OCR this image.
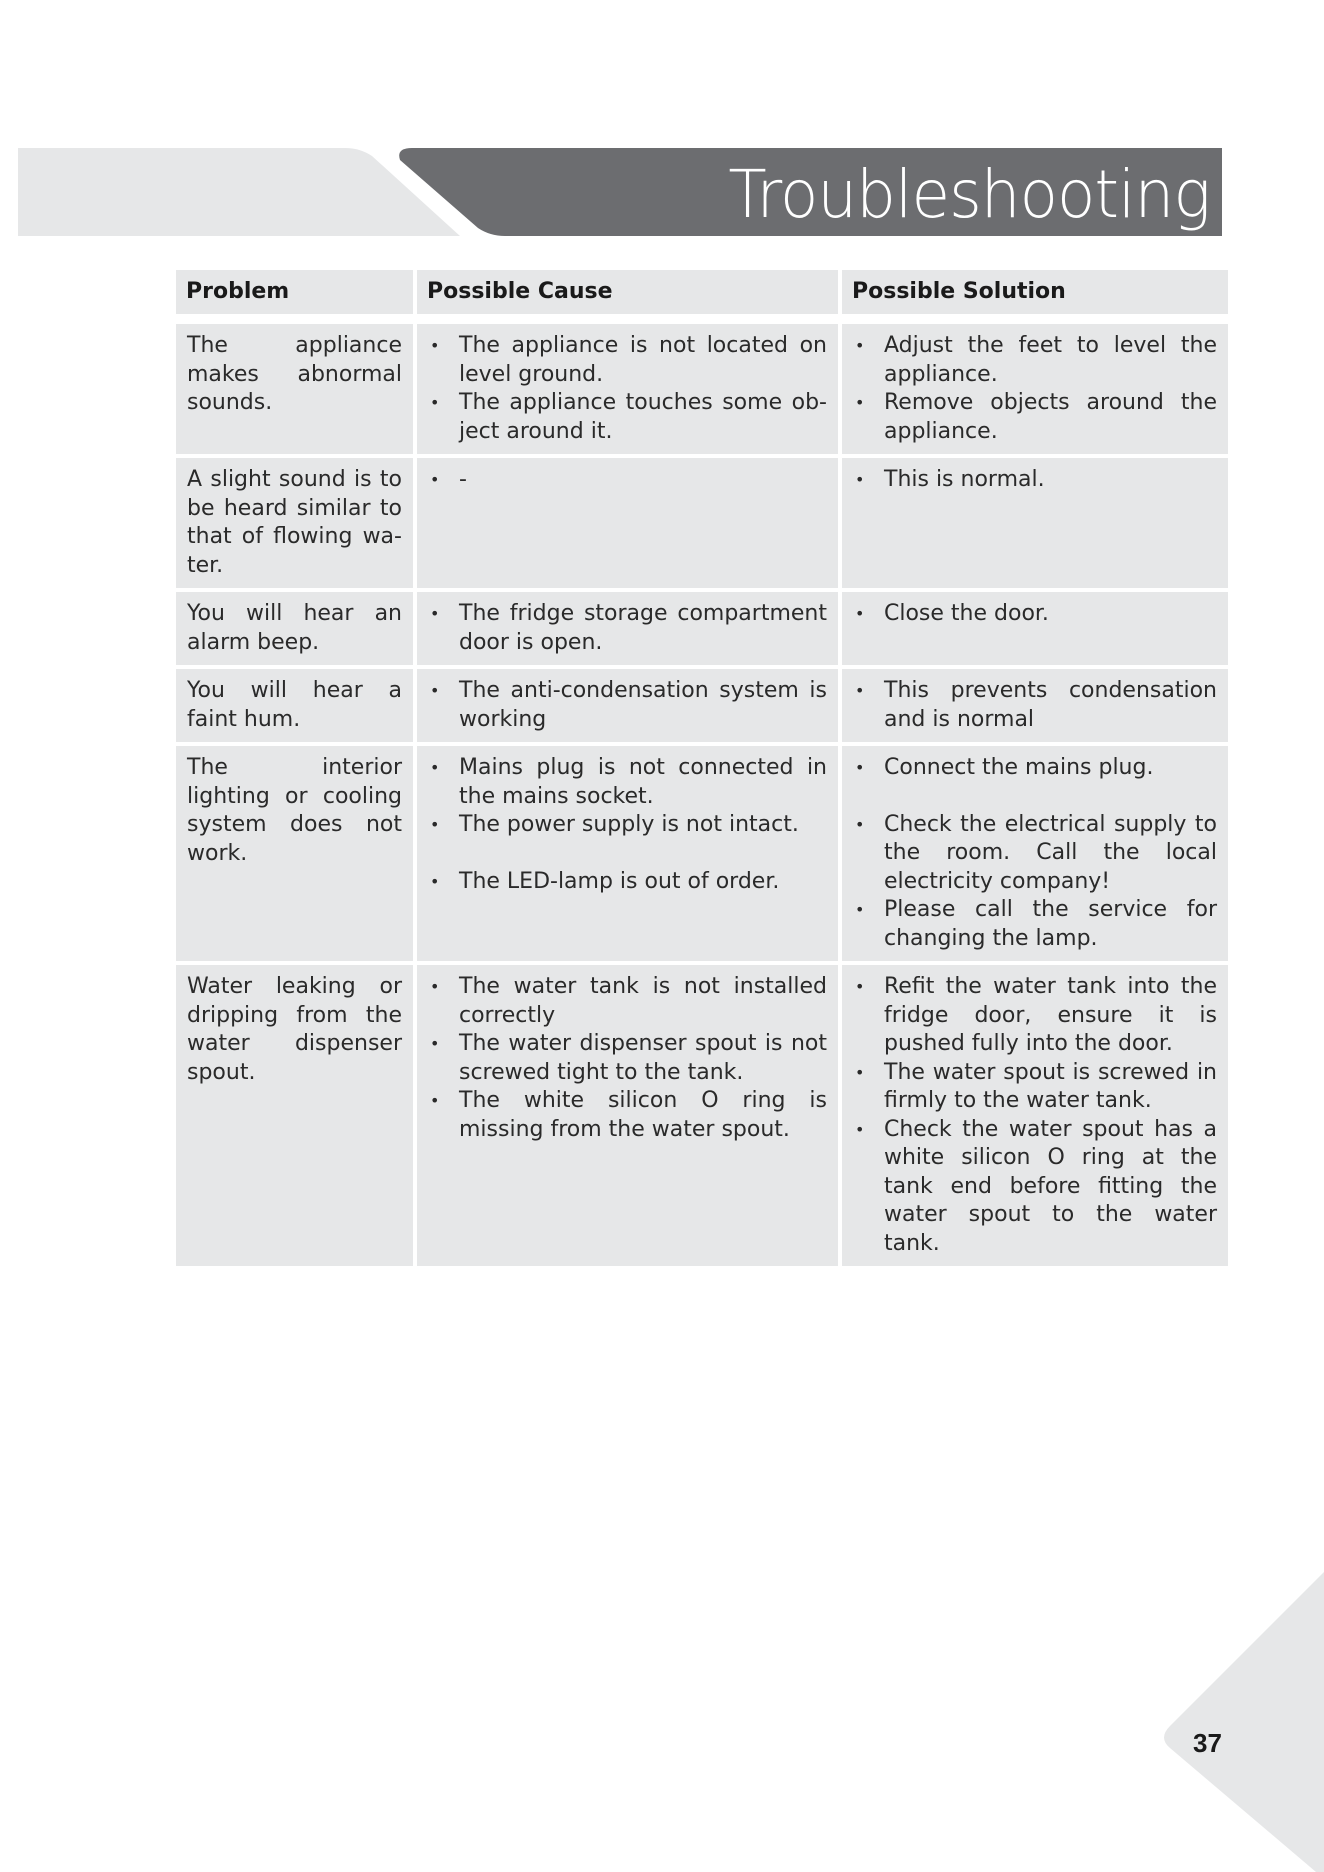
Troubleshooting
Problem	Possible Cause	Possible Solution
The appliance makes abnormal sounds.
• The appliance is not located on level ground.
• The appliance touches some object around it.
• Adjust the feet to level the appliance.
• Remove objects around the appliance.
A slight sound is to be heard similar to that of flowing water.
• -
•	This is normal.
You will hear an alarm beep.
• The fridge storage compartment door is open.
• Close the door.
You will hear a faint hum.
• The anti-condensation system is working
• This prevents condensation and is normal
The interior lighting or cooling system does not work.
• Mains plug is not connected in the mains socket.
• The power supply is not intact.
• The LED-lamp is out of order.
• Connect the mains plug.
• Check the electrical supply to the room. Call the local electricity company!
• Please call the service for changing the lamp.
Water leaking or dripping from the water dispenser spout.
• The water tank is not installed correctly
• The water dispenser spout is not screwed tight to the tank.
• The white silicon O ring is missing from the water spout.
• Refit the water tank into the fridge door, ensure it is pushed fully into the door.
• The water spout is screwed in firmly to the water tank.
• Check the water spout has a white silicon O ring at the tank end before fitting the water spout to the water tank.
37
